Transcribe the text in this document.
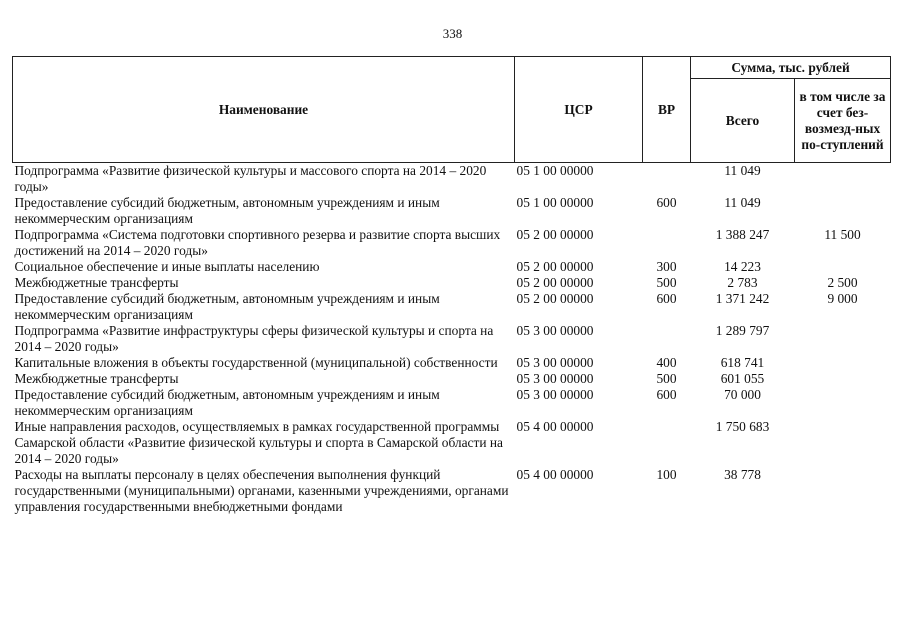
338
Наименование	ЦСР	ВР	Сумма, тыс. рублей	
			Всего	в том числе за счет без-возмезд-ных по-ступлений
Подпрограмма «Развитие физической культуры и массового спорта на 2014 – 2020 годы»	05 1 00 00000		11 049	
Предоставление субсидий бюджетным, автономным учреждениям и иным некоммерческим организациям	05 1 00 00000	600	11 049	
Подпрограмма «Система подготовки спортивного резерва и развитие спорта высших достижений на 2014 – 2020 годы»	05 2 00 00000		1 388 247	11 500
Социальное обеспечение и иные выплаты населению	05 2 00 00000	300	14 223	
Межбюджетные трансферты	05 2 00 00000	500	2 783	2 500
Предоставление субсидий бюджетным, автономным учреждениям и иным некоммерческим организациям	05 2 00 00000	600	1 371 242	9 000
Подпрограмма «Развитие инфраструктуры сферы физической культуры и спорта на 2014 – 2020 годы»	05 3 00 00000		1 289 797	
Капитальные вложения в объекты государственной (муниципальной) собственности	05 3 00 00000	400	618 741	
Межбюджетные трансферты	05 3 00 00000	500	601 055	
Предоставление субсидий бюджетным, автономным учреждениям и иным некоммерческим организациям	05 3 00 00000	600	70 000	
Иные направления расходов, осуществляемых в рамках государственной программы Самарской области «Развитие физической культуры и спорта в Самарской области на 2014 – 2020 годы»	05 4 00 00000		1 750 683	
Расходы на выплаты персоналу в целях обеспечения выполнения функций государственными (муниципальными) органами, казенными учреждениями, органами управления государственными внебюджетными фондами	05 4 00 00000	100	38 778	
